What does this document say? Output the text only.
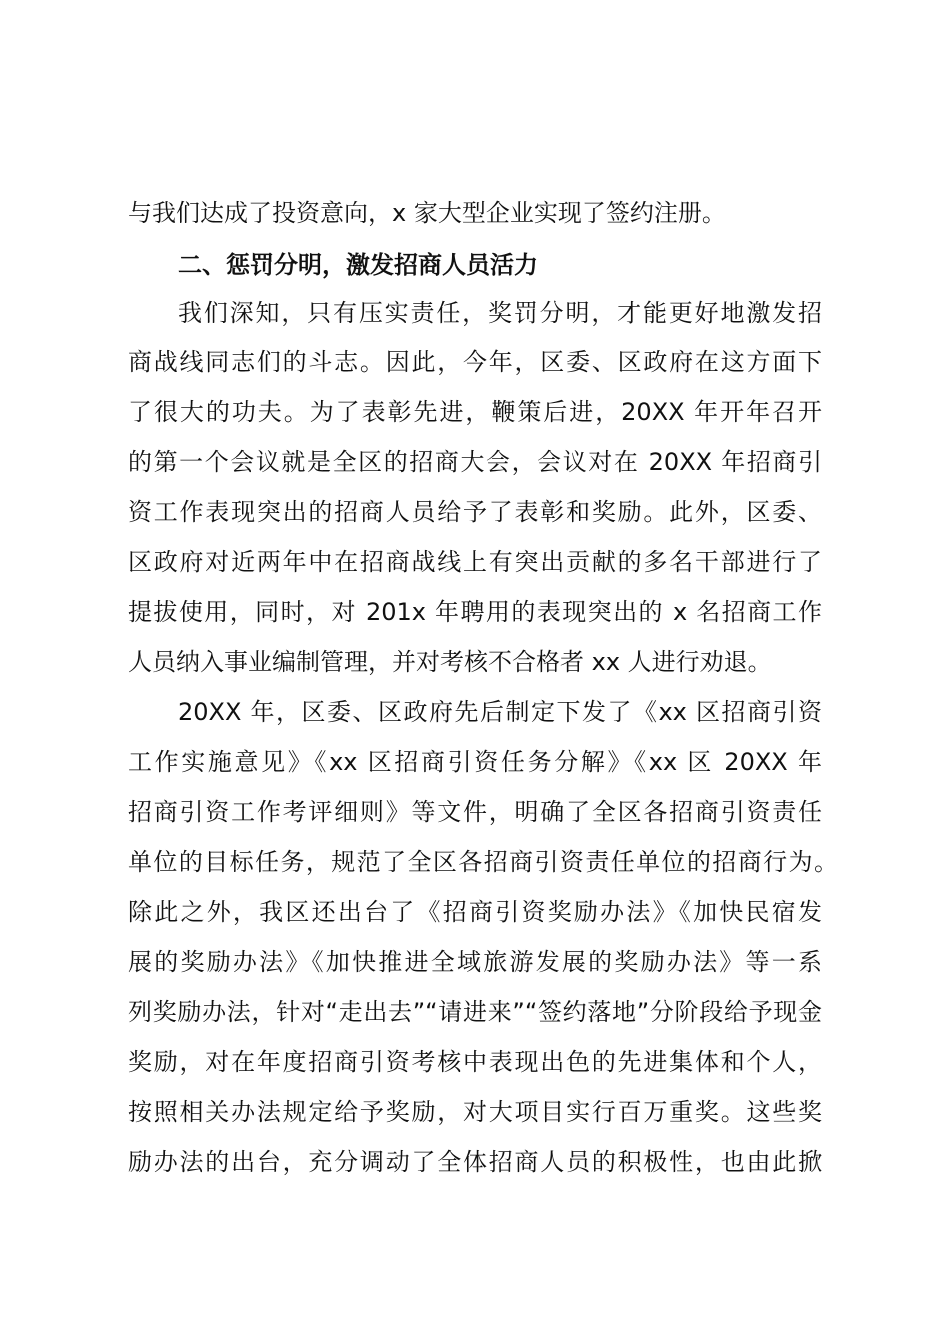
与我们达成了投资意向，x 家大型企业实现了签约注册。
二、惩罚分明，激发招商人员活力
我们深知，只有压实责任，奖罚分明，才能更好地激发招
商战线同志们的斗志。因此，今年，区委、区政府在这方面下
了很大的功夫。为了表彰先进，鞭策后进，20XX 年开年召开
的第一个会议就是全区的招商大会，会议对在 20XX 年招商引
资工作表现突出的招商人员给予了表彰和奖励。此外，区委、
区政府对近两年中在招商战线上有突出贡献的多名干部进行了
提拔使用，同时，对 201x 年聘用的表现突出的 x 名招商工作
人员纳入事业编制管理，并对考核不合格者 xx 人进行劝退。
20XX 年，区委、区政府先后制定下发了《xx 区招商引资
工作实施意见》《xx 区招商引资任务分解》《xx 区 20XX 年
招商引资工作考评细则》等文件，明确了全区各招商引资责任
单位的目标任务，规范了全区各招商引资责任单位的招商行为。
除此之外，我区还出台了《招商引资奖励办法》《加快民宿发
展的奖励办法》《加快推进全域旅游发展的奖励办法》等一系
列奖励办法，针对“走出去”“请进来”“签约落地”分阶段给予现金
奖励，对在年度招商引资考核中表现出色的先进集体和个人，
按照相关办法规定给予奖励，对大项目实行百万重奖。这些奖
励办法的出台，充分调动了全体招商人员的积极性，也由此掀
